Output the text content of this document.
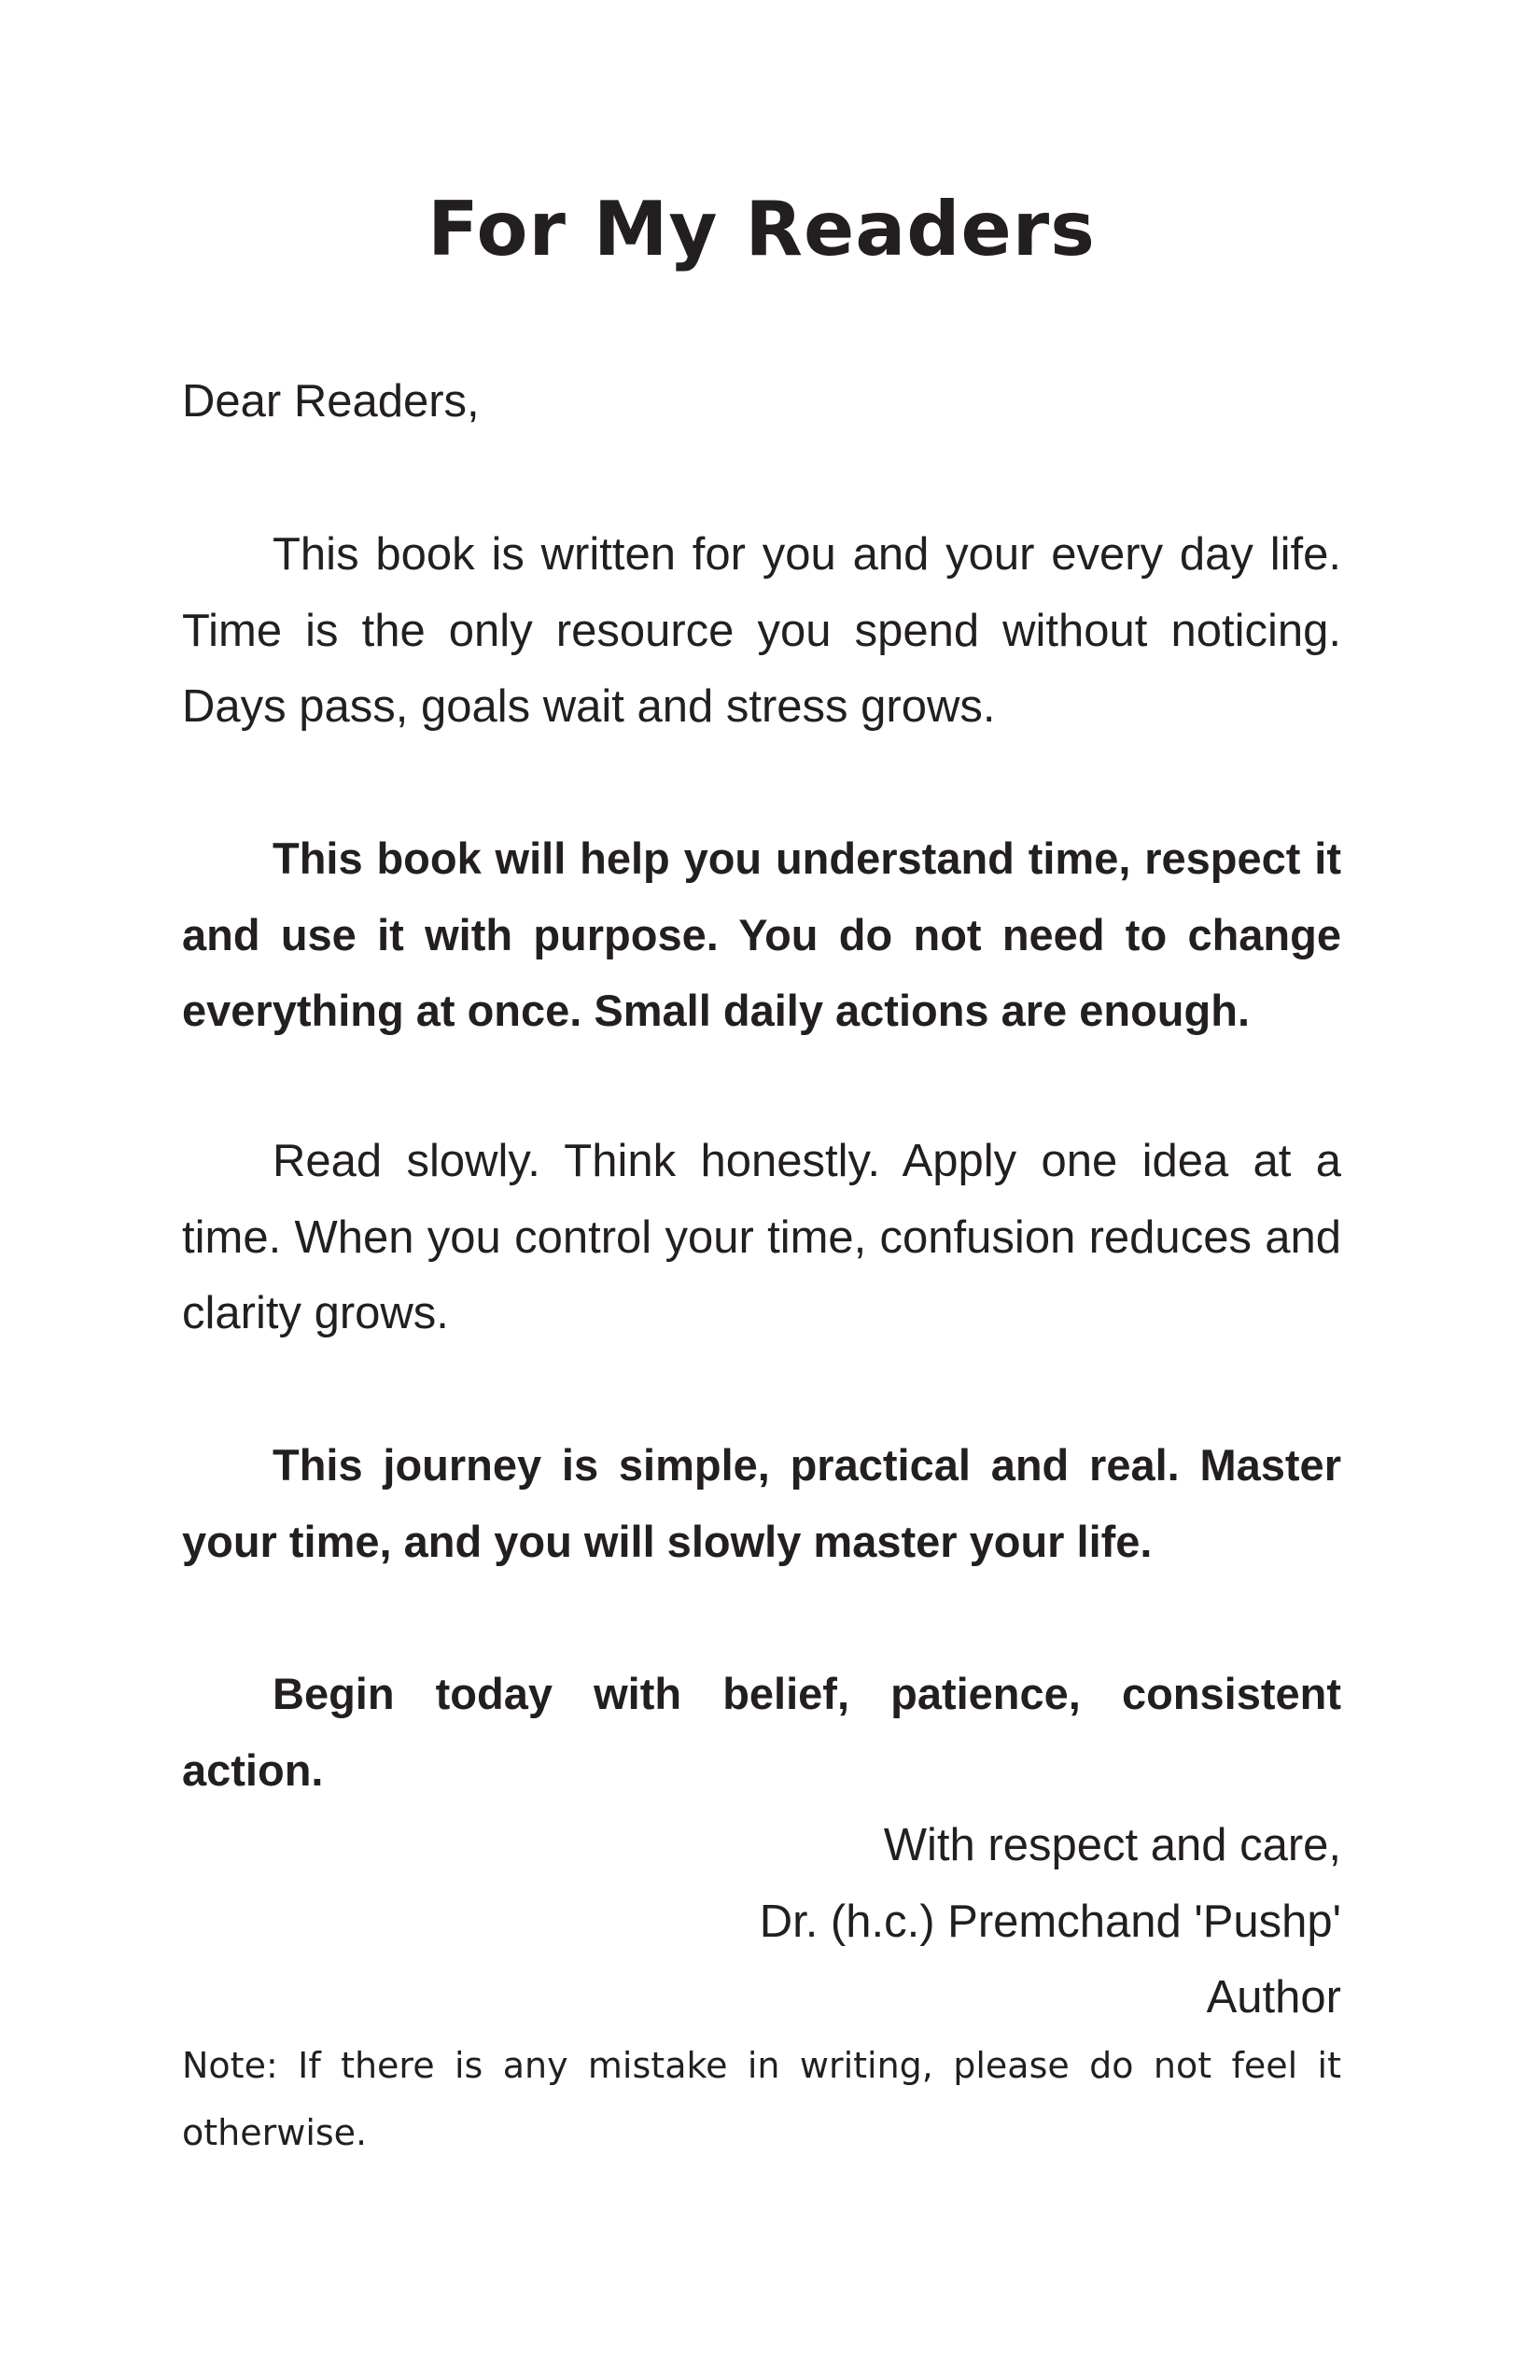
For My Readers

Dear Readers,

This book is written for you and your every day life. Time is the only resource you spend without noticing. Days pass, goals wait and stress grows.

This book will help you understand time, respect it and use it with purpose. You do not need to change everything at once. Small daily actions are enough.

Read slowly. Think honestly. Apply one idea at a time. When you control your time, confusion reduces and clarity grows.

This journey is simple, practical and real. Master your time, and you will slowly master your life.

Begin today with belief, patience, consistent action.

With respect and care,
Dr. (h.c.) Premchand 'Pushp'
Author

Note: If there is any mistake in writing, please do not feel it otherwise.
